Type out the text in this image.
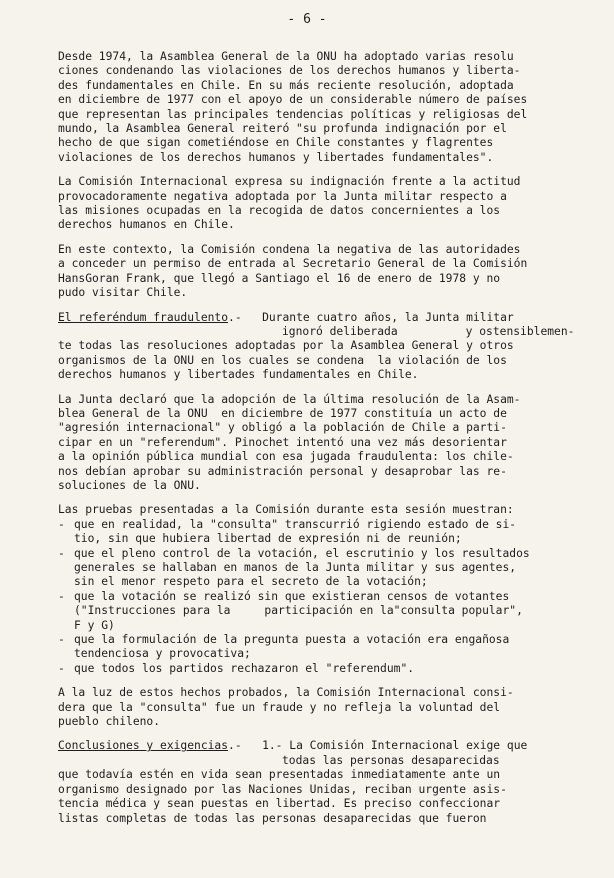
- 6 -

Desde 1974, la Asamblea General de la ONU ha adoptado varias resolu
ciones condenando las violaciones de los derechos humanos y liberta-
des fundamentales en Chile. En su más reciente resolución, adoptada
en diciembre de 1977 con el apoyo de un considerable número de países
que representan las principales tendencias políticas y religiosas del
mundo, la Asamblea General reiteró "su profunda indignación por el
hecho de que sigan cometiéndose en Chile constantes y flagrentes
violaciones de los derechos humanos y libertades fundamentales".

La Comisión Internacional expresa su indignación frente a la actitud
provocadoramente negativa adoptada por la Junta militar respecto a
las misiones ocupadas en la recogida de datos concernientes a los
derechos humanos en Chile.

En este contexto, la Comisión condena la negativa de las autoridades
a conceder un permiso de entrada al Secretario General de la Comisión
HansGoran Frank, que llegó a Santiago el 16 de enero de 1978 y no
pudo visitar Chile.

El referéndum fraudulento.- Durante cuatro años, la Junta militar
ignoró deliberada          y ostensiblemen-
te todas las resoluciones adoptadas por la Asamblea General y otros
organismos de la ONU en los cuales se condena  la violación de los
derechos humanos y libertades fundamentales en Chile.

La Junta declaró que la adopción de la última resolución de la Asam-
blea General de la ONU  en diciembre de 1977 constituía un acto de
"agresión internacional" y obligó a la población de Chile a parti-
cipar en un "referendum". Pinochet intentó una vez más desorientar
a la opinión pública mundial con esa jugada fraudulenta: los chile-
nos debían aprobar su administración personal y desaprobar las re-
soluciones de la ONU.

Las pruebas presentadas a la Comisión durante esta sesión muestran:
- que en realidad, la "consulta" transcurrió rigiendo estado de si-
tio, sin que hubiera libertad de expresión ni de reunión;
- que el pleno control de la votación, el escrutinio y los resultados
generales se hallaban en manos de la Junta militar y sus agentes,
sin el menor respeto para el secreto de la votación;
- que la votación se realizó sin que existieran censos de votantes
("Instrucciones para la     participación en la"consulta popular",
F y G)
- que la formulación de la pregunta puesta a votación era engañosa
tendenciosa y provocativa;
- que todos los partidos rechazaron el "referendum".

A la luz de estos hechos probados, la Comisión Internacional consi-
dera que la "consulta" fue un fraude y no refleja la voluntad del
pueblo chileno.

Conclusiones y exigencias.- 1.- La Comisión Internacional exige que
todas las personas desaparecidas
que todavía estén en vida sean presentadas inmediatamente ante un
organismo designado por las Naciones Unidas, reciban urgente asis-
tencia médica y sean puestas en libertad. Es preciso confeccionar
listas completas de todas las personas desaparecidas que fueron
